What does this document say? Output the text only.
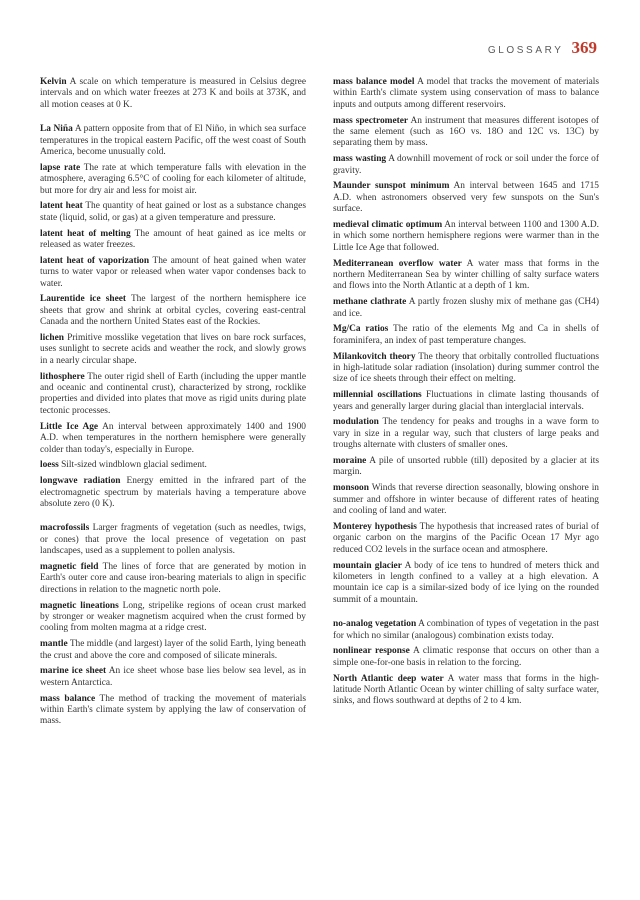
GLOSSARY 369

Kelvin A scale on which temperature is measured in Celsius degree intervals and on which water freezes at 273 K and boils at 373K, and all motion ceases at 0 K.

La Niña A pattern opposite from that of El Niño, in which sea surface temperatures in the tropical eastern Pacific, off the west coast of South America, become unusually cold.

lapse rate The rate at which temperature falls with elevation in the atmosphere, averaging 6.5°C of cooling for each kilometer of altitude, but more for dry air and less for moist air.

latent heat The quantity of heat gained or lost as a substance changes state (liquid, solid, or gas) at a given temperature and pressure.

latent heat of melting The amount of heat gained as ice melts or released as water freezes.

latent heat of vaporization The amount of heat gained when water turns to water vapor or released when water vapor condenses back to water.

Laurentide ice sheet The largest of the northern hemisphere ice sheets that grow and shrink at orbital cycles, covering east-central Canada and the northern United States east of the Rockies.

lichen Primitive mosslike vegetation that lives on bare rock surfaces, uses sunlight to secrete acids and weather the rock, and slowly grows in a nearly circular shape.

lithosphere The outer rigid shell of Earth (including the upper mantle and oceanic and continental crust), characterized by strong, rocklike properties and divided into plates that move as rigid units during plate tectonic processes.

Little Ice Age An interval between approximately 1400 and 1900 A.D. when temperatures in the northern hemisphere were generally colder than today's, especially in Europe.

loess Silt-sized windblown glacial sediment.

longwave radiation Energy emitted in the infrared part of the electromagnetic spectrum by materials having a temperature above absolute zero (0 K).

macrofossils Larger fragments of vegetation (such as needles, twigs, or cones) that prove the local presence of vegetation on past landscapes, used as a supplement to pollen analysis.

magnetic field The lines of force that are generated by motion in Earth's outer core and cause iron-bearing materials to align in specific directions in relation to the magnetic north pole.

magnetic lineations Long, stripelike regions of ocean crust marked by stronger or weaker magnetism acquired when the crust formed by cooling from molten magma at a ridge crest.

mantle The middle (and largest) layer of the solid Earth, lying beneath the crust and above the core and composed of silicate minerals.

marine ice sheet An ice sheet whose base lies below sea level, as in western Antarctica.

mass balance The method of tracking the movement of materials within Earth's climate system by applying the law of conservation of mass.

mass balance model A model that tracks the movement of materials within Earth's climate system using conservation of mass to balance inputs and outputs among different reservoirs.

mass spectrometer An instrument that measures different isotopes of the same element (such as 16O vs. 18O and 12C vs. 13C) by separating them by mass.

mass wasting A downhill movement of rock or soil under the force of gravity.

Maunder sunspot minimum An interval between 1645 and 1715 A.D. when astronomers observed very few sunspots on the Sun's surface.

medieval climatic optimum An interval between 1100 and 1300 A.D. in which some northern hemisphere regions were warmer than in the Little Ice Age that followed.

Mediterranean overflow water A water mass that forms in the northern Mediterranean Sea by winter chilling of salty surface waters and flows into the North Atlantic at a depth of 1 km.

methane clathrate A partly frozen slushy mix of methane gas (CH4) and ice.

Mg/Ca ratios The ratio of the elements Mg and Ca in shells of foraminifera, an index of past temperature changes.

Milankovitch theory The theory that orbitally controlled fluctuations in high-latitude solar radiation (insolation) during summer control the size of ice sheets through their effect on melting.

millennial oscillations Fluctuations in climate lasting thousands of years and generally larger during glacial than interglacial intervals.

modulation The tendency for peaks and troughs in a wave form to vary in size in a regular way, such that clusters of large peaks and troughs alternate with clusters of smaller ones.

moraine A pile of unsorted rubble (till) deposited by a glacier at its margin.

monsoon Winds that reverse direction seasonally, blowing onshore in summer and offshore in winter because of different rates of heating and cooling of land and water.

Monterey hypothesis The hypothesis that increased rates of burial of organic carbon on the margins of the Pacific Ocean 17 Myr ago reduced CO2 levels in the surface ocean and atmosphere.

mountain glacier A body of ice tens to hundred of meters thick and kilometers in length confined to a valley at a high elevation. A mountain ice cap is a similar-sized body of ice lying on the rounded summit of a mountain.

no-analog vegetation A combination of types of vegetation in the past for which no similar (analogous) combination exists today.

nonlinear response A climatic response that occurs on other than a simple one-for-one basis in relation to the forcing.

North Atlantic deep water A water mass that forms in the high-latitude North Atlantic Ocean by winter chilling of salty surface water, sinks, and flows southward at depths of 2 to 4 km.
